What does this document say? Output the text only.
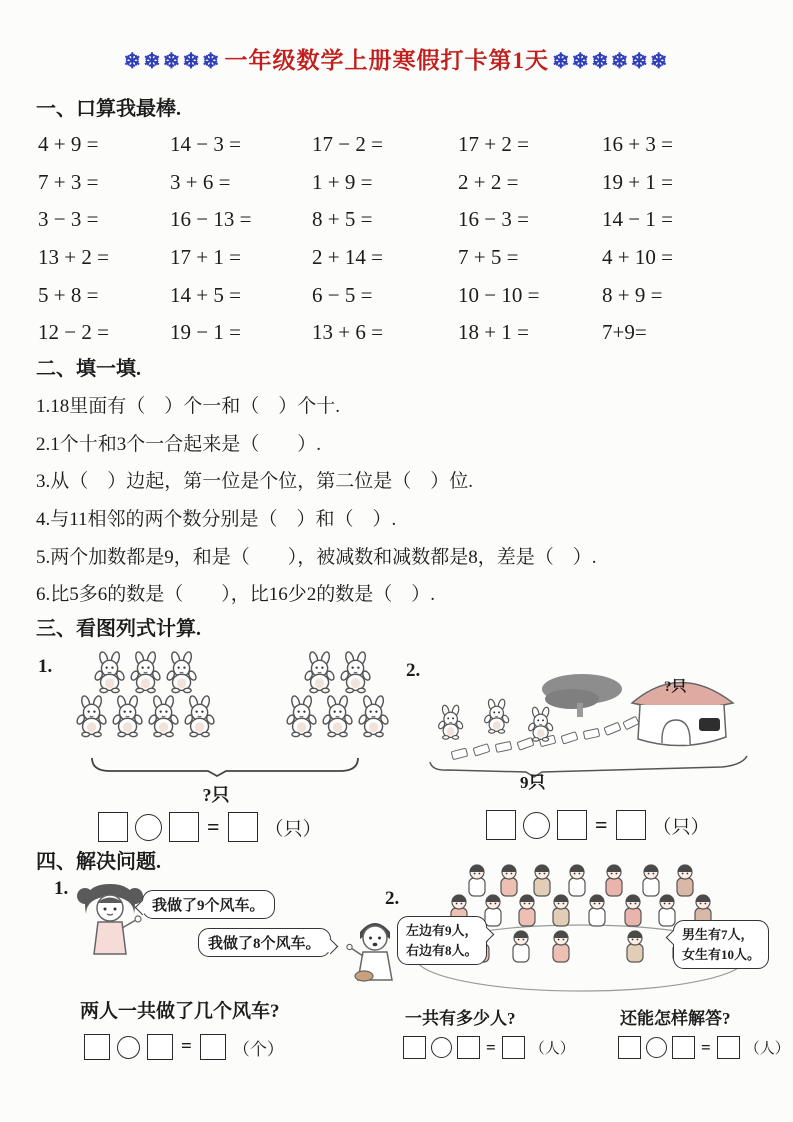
❄❄❄❄❄ 一年级数学上册寒假打卡第1天 ❄❄❄❄❄❄
一、口算我最棒.
4 + 9 =	14 − 3 =	17 − 2 =	17 + 2 =	16 + 3 =
7 + 3 =	3 + 6 =	1 + 9 =	2 + 2 =	19 + 1 =
3 − 3 =	16 − 13 =	8 + 5 =	16 − 3 =	14 − 1 =
13 + 2 =	17 + 1 =	2 + 14 =	7 + 5 =	4 + 10 =
5 + 8 =	14 + 5 =	6 − 5 =	10 − 10 =	8 + 9 =
12 − 2 =	19 − 1 =	13 + 6 =	18 + 1 =	7+9=
二、填一填.
1.18里面有（　）个一和（　）个十.
2.1个十和3个一合起来是（　　）.
3.从（　）边起，第一位是个位，第二位是（　）位.
4.与11相邻的两个数分别是（　）和（　）.
5.两个加数都是9，和是（　　），被减数和减数都是8，差是（　）.
6.比5多6的数是（　　），比16少2的数是（　）.
三、看图列式计算.
1.
?只
= （只）
2.
?只
9只
= （只）
四、解决问题.
1.
我做了9个风车。
我做了8个风车。
两人一共做了几个风车?
= （个）
2.
左边有9人，
右边有8人。
男生有7人，
女生有10人。
一共有多少人?	还能怎样解答?
= （人）	= （人）
